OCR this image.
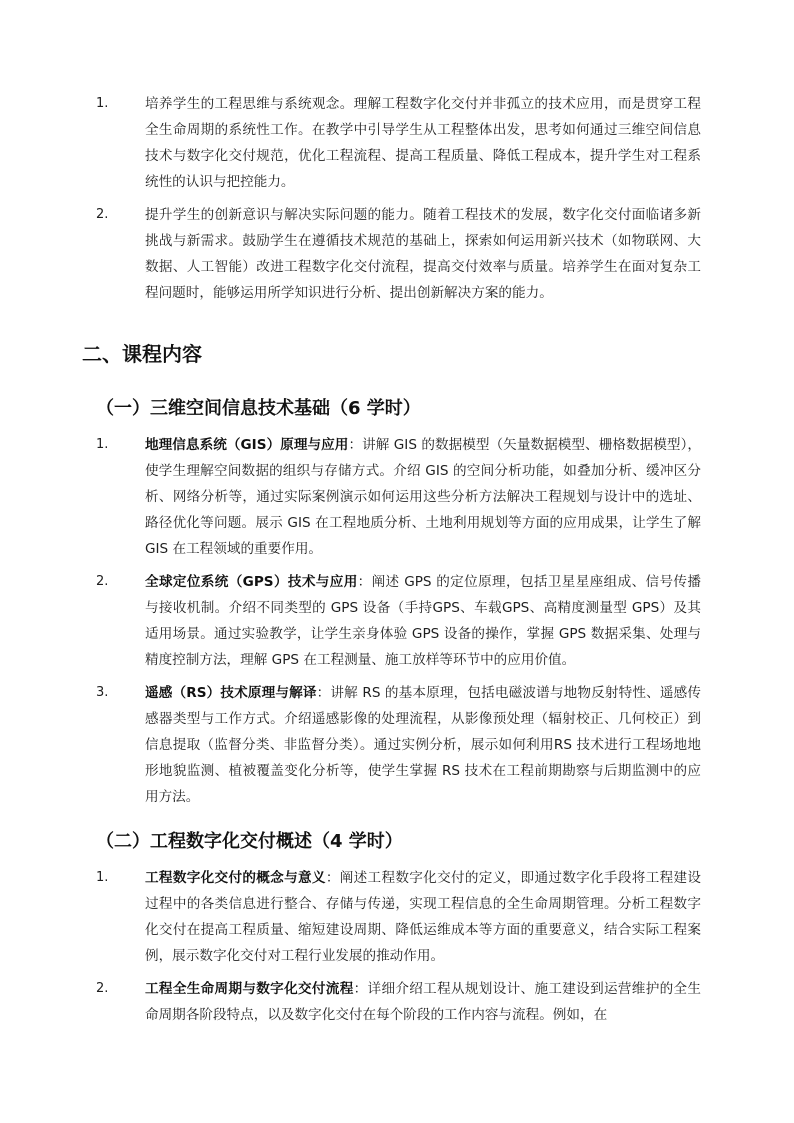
1.	培养学生的工程思维与系统观念。理解工程数字化交付并非孤立的技术应用，而是贯穿工程全生命周期的系统性工作。在教学中引导学生从工程整体出发，思考如何通过三维空间信息技术与数字化交付规范，优化工程流程、提高工程质量、降低工程成本，提升学生对工程系统性的认识与把控能力。
2.	提升学生的创新意识与解决实际问题的能力。随着工程技术的发展，数字化交付面临诸多新挑战与新需求。鼓励学生在遵循技术规范的基础上，探索如何运用新兴技术（如物联网、大数据、人工智能）改进工程数字化交付流程，提高交付效率与质量。培养学生在面对复杂工程问题时，能够运用所学知识进行分析、提出创新解决方案的能力。
二、课程内容
（一）三维空间信息技术基础（6 学时）
1.	地理信息系统（GIS）原理与应用：讲解 GIS 的数据模型（矢量数据模型、栅格数据模型），使学生理解空间数据的组织与存储方式。介绍 GIS 的空间分析功能，如叠加分析、缓冲区分析、网络分析等，通过实际案例演示如何运用这些分析方法解决工程规划与设计中的选址、路径优化等问题。展示 GIS 在工程地质分析、土地利用规划等方面的应用成果，让学生了解 GIS 在工程领域的重要作用。
2.	全球定位系统（GPS）技术与应用：阐述 GPS 的定位原理，包括卫星星座组成、信号传播与接收机制。介绍不同类型的 GPS 设备（手持GPS、车载GPS、高精度测量型 GPS）及其适用场景。通过实验教学，让学生亲身体验 GPS 设备的操作，掌握 GPS 数据采集、处理与精度控制方法，理解 GPS 在工程测量、施工放样等环节中的应用价值。
3.	遥感（RS）技术原理与解译：讲解 RS 的基本原理，包括电磁波谱与地物反射特性、遥感传感器类型与工作方式。介绍遥感影像的处理流程，从影像预处理（辐射校正、几何校正）到信息提取（监督分类、非监督分类）。通过实例分析，展示如何利用RS 技术进行工程场地地形地貌监测、植被覆盖变化分析等，使学生掌握 RS 技术在工程前期勘察与后期监测中的应用方法。
（二）工程数字化交付概述（4 学时）
1.	工程数字化交付的概念与意义：阐述工程数字化交付的定义，即通过数字化手段将工程建设过程中的各类信息进行整合、存储与传递，实现工程信息的全生命周期管理。分析工程数字化交付在提高工程质量、缩短建设周期、降低运维成本等方面的重要意义，结合实际工程案例，展示数字化交付对工程行业发展的推动作用。
2.	工程全生命周期与数字化交付流程：详细介绍工程从规划设计、施工建设到运营维护的全生命周期各阶段特点，以及数字化交付在每个阶段的工作内容与流程。例如，在
